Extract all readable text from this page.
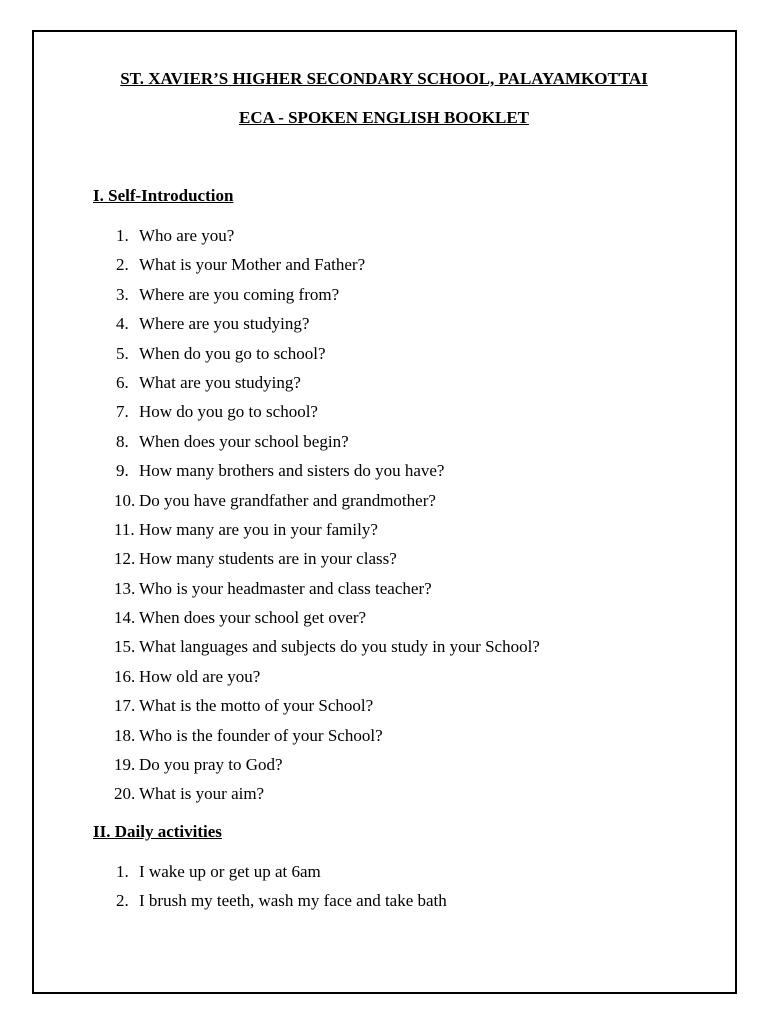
ST. XAVIER’S HIGHER SECONDARY SCHOOL, PALAYAMKOTTAI
ECA - SPOKEN ENGLISH BOOKLET
I. Self-Introduction
1. Who are you?
2. What is your Mother and Father?
3. Where are you coming from?
4. Where are you studying?
5. When do you go to school?
6. What are you studying?
7. How do you go to school?
8. When does your school begin?
9. How many brothers and sisters do you have?
10. Do you have grandfather and grandmother?
11. How many are you in your family?
12. How many students are in your class?
13. Who is your headmaster and class teacher?
14. When does your school get over?
15. What languages and subjects do you study in your School?
16. How old are you?
17. What is the motto of your School?
18. Who is the founder of your School?
19. Do you pray to God?
20. What is your aim?
II. Daily activities
1. I wake up or get up at 6am
2. I brush my teeth, wash my face and take bath
